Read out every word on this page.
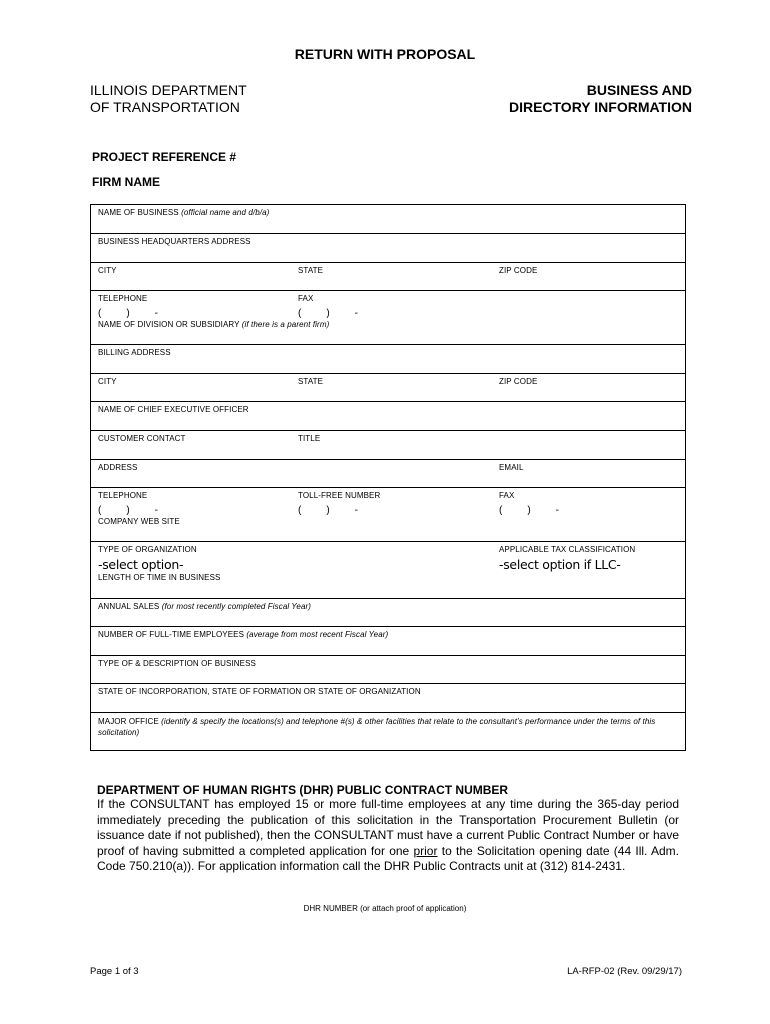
RETURN WITH PROPOSAL
ILLINOIS DEPARTMENT
OF TRANSPORTATION
BUSINESS AND
DIRECTORY INFORMATION
PROJECT REFERENCE #
FIRM NAME
NAME OF BUSINESS (official name and d/b/a)
BUSINESS HEADQUARTERS ADDRESS
CITY	STATE	ZIP CODE
TELEPHONE	FAX
(         )         -	(         )         -
NAME OF DIVISION OR SUBSIDIARY (if there is a parent firm)
BILLING ADDRESS
CITY	STATE	ZIP CODE
NAME OF CHIEF EXECUTIVE OFFICER
CUSTOMER CONTACT	TITLE
ADDRESS	EMAIL
TELEPHONE	TOLL-FREE NUMBER	FAX
(         )         -	(         )         -	(         )         -
COMPANY WEB SITE
TYPE OF ORGANIZATION	APPLICABLE TAX CLASSIFICATION
-select option-	-select option if LLC-
LENGTH OF TIME IN BUSINESS
ANNUAL SALES (for most recently completed Fiscal Year)
NUMBER OF FULL-TIME EMPLOYEES (average from most recent Fiscal Year)
TYPE OF & DESCRIPTION OF BUSINESS
STATE OF INCORPORATION, STATE OF FORMATION OR STATE OF ORGANIZATION
MAJOR OFFICE (identify & specify the locations(s) and telephone #(s) & other facilities that relate to the consultant’s performance under the terms of this solicitation)
DEPARTMENT OF HUMAN RIGHTS (DHR) PUBLIC CONTRACT NUMBER
If the CONSULTANT has employed 15 or more full-time employees at any time during the 365-day period immediately preceding the publication of this solicitation in the Transportation Procurement Bulletin (or issuance date if not published), then the CONSULTANT must have a current Public Contract Number or have proof of having submitted a completed application for one prior to the Solicitation opening date (44 Ill. Adm. Code 750.210(a)). For application information call the DHR Public Contracts unit at (312) 814-2431.
DHR NUMBER (or attach proof of application)
Page 1 of 3	LA-RFP-02 (Rev. 09/29/17)
